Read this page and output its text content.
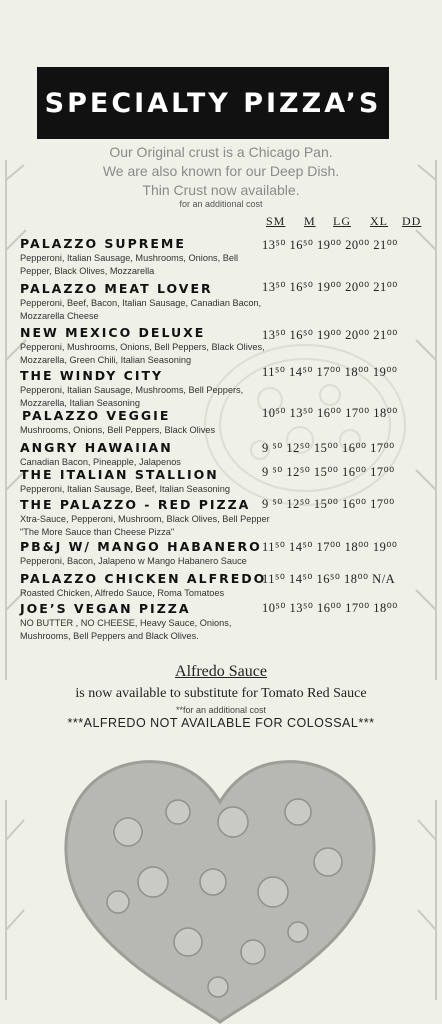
SPECIALTY PIZZA’S
Our Original crust is a Chicago Pan.
We are also known for our Deep Dish.
Thin Crust now available.
for an additional cost
SM M LG XL DD
PALAZZO SUPREME
Pepperoni, Italian Sausage, Mushrooms, Onions, Bell Pepper, Black Olives, Mozzarella
13⁵⁰ 16⁵⁰ 19⁰⁰ 20⁰⁰ 21⁰⁰
PALAZZO MEAT LOVER
Pepperoni, Beef, Bacon, Italian Sausage, Canadian Bacon, Mozzarella Cheese
13⁵⁰ 16⁵⁰ 19⁰⁰ 20⁰⁰ 21⁰⁰
NEW MEXICO DELUXE
Pepperoni, Mushrooms, Onions, Bell Peppers, Black Olives, Mozzarella, Green Chili, Italian Seasoning
13⁵⁰ 16⁵⁰ 19⁰⁰ 20⁰⁰ 21⁰⁰
THE WINDY CITY
Pepperoni, Italian Sausage, Mushrooms, Bell Peppers, Mozzarella, Italian Seasoning
11⁵⁰ 14⁵⁰ 17⁰⁰ 18⁰⁰ 19⁰⁰
PALAZZO VEGGIE
Mushrooms, Onions, Bell Peppers, Black Olives
10⁵⁰ 13⁵⁰ 16⁰⁰ 17⁰⁰ 18⁰⁰
ANGRY HAWAIIAN
Canadian Bacon, Pineapple, Jalapenos
9 ⁵⁰ 12⁵⁰ 15⁰⁰ 16⁰⁰ 17⁰⁰
THE ITALIAN STALLION
Pepperoni, Italian Sausage, Beef, Italian Seasoning
9 ⁵⁰ 12⁵⁰ 15⁰⁰ 16⁰⁰ 17⁰⁰
THE PALAZZO - RED PIZZA
Xtra-Sauce, Pepperoni, Mushroom, Black Olives, Bell Pepper      "The More Sauce than Cheese Pizza"
9 ⁵⁰ 12⁵⁰ 15⁰⁰ 16⁰⁰ 17⁰⁰
PB&J W/ MANGO HABANERO
Pepperoni, Bacon, Jalapeno w Mango Habanero Sauce
11⁵⁰ 14⁵⁰ 17⁰⁰ 18⁰⁰ 19⁰⁰
PALAZZO CHICKEN ALFREDO
Roasted Chicken, Alfredo Sauce, Roma Tomatoes
11⁵⁰ 14⁵⁰ 16⁵⁰ 18⁰⁰ N/A
JOE’S VEGAN PIZZA
NO BUTTER , NO CHEESE, Heavy Sauce, Onions, Mushrooms, Bell Peppers and Black Olives.
10⁵⁰ 13⁵⁰ 16⁰⁰ 17⁰⁰ 18⁰⁰
Alfredo Sauce
is now available to substitute for Tomato Red Sauce
**for an additional cost
***ALFREDO NOT AVAILABLE FOR COLOSSAL***
